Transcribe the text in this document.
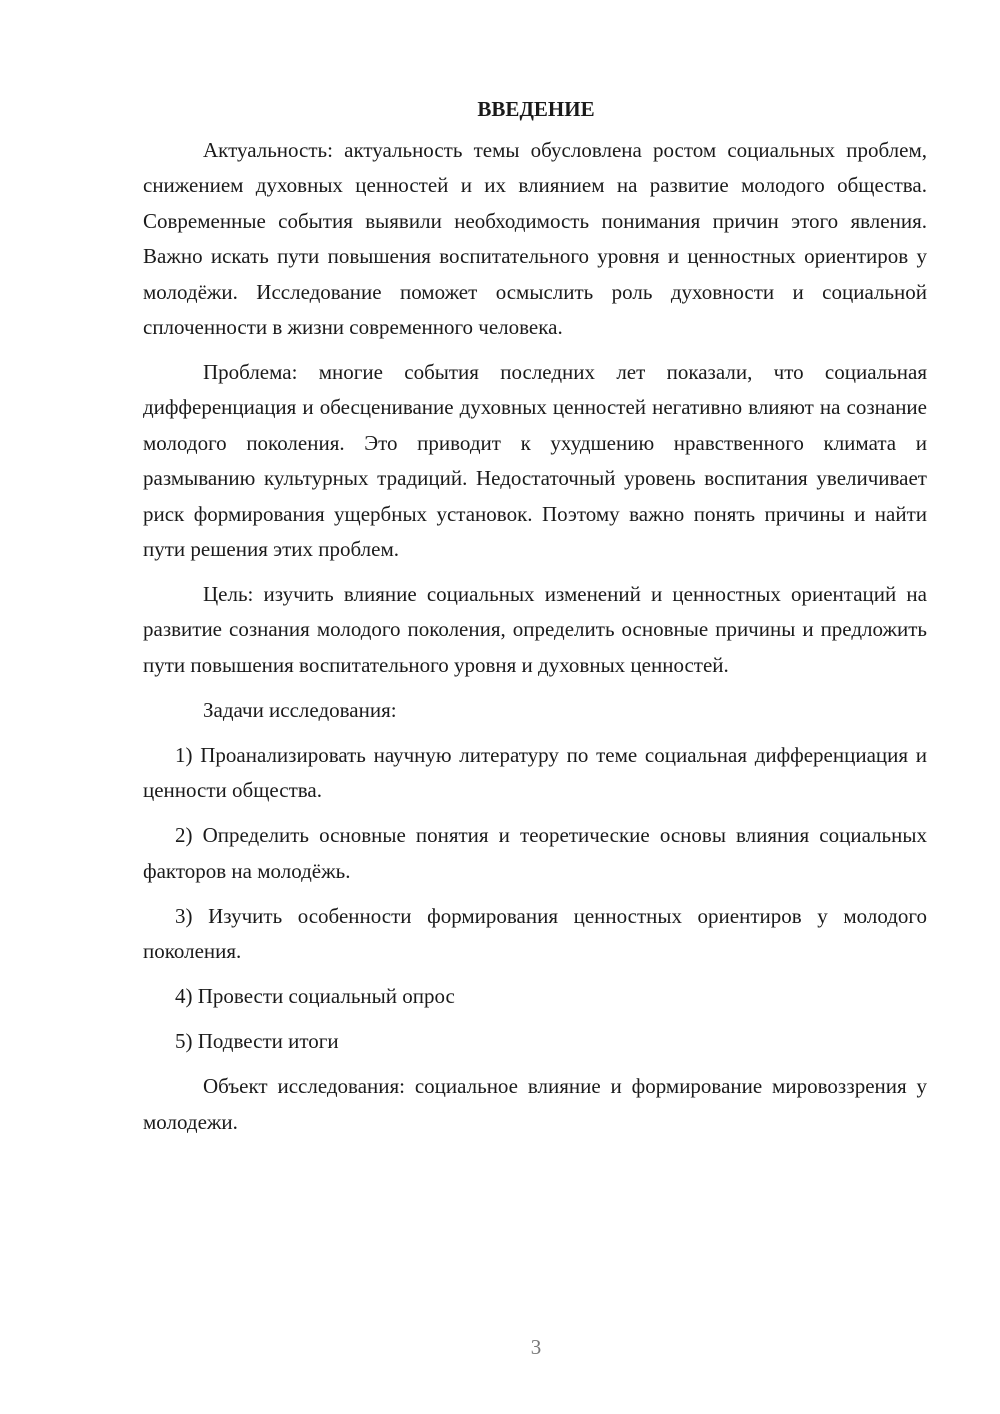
ВВЕДЕНИЕ

Актуальность: актуальность темы обусловлена ростом социальных проблем, снижением духовных ценностей и их влиянием на развитие молодого общества. Современные события выявили необходимость понимания причин этого явления. Важно искать пути повышения воспитательного уровня и ценностных ориентиров у молодёжи. Исследование поможет осмыслить роль духовности и социальной сплоченности в жизни современного человека.

Проблема: многие события последних лет показали, что социальная дифференциация и обесценивание духовных ценностей негативно влияют на сознание молодого поколения. Это приводит к ухудшению нравственного климата и размыванию культурных традиций. Недостаточный уровень воспитания увеличивает риск формирования ущербных установок. Поэтому важно понять причины и найти пути решения этих проблем.

Цель: изучить влияние социальных изменений и ценностных ориентаций на развитие сознания молодого поколения, определить основные причины и предложить пути повышения воспитательного уровня и духовных ценностей.

Задачи исследования:

1) Проанализировать научную литературу по теме социальная дифференциация и ценности общества.

2) Определить основные понятия и теоретические основы влияния социальных факторов на молодёжь.

3) Изучить особенности формирования ценностных ориентиров у молодого поколения.

4) Провести социальный опрос

5) Подвести итоги

Объект исследования: социальное влияние и формирование мировоззрения у молодежи.

3
